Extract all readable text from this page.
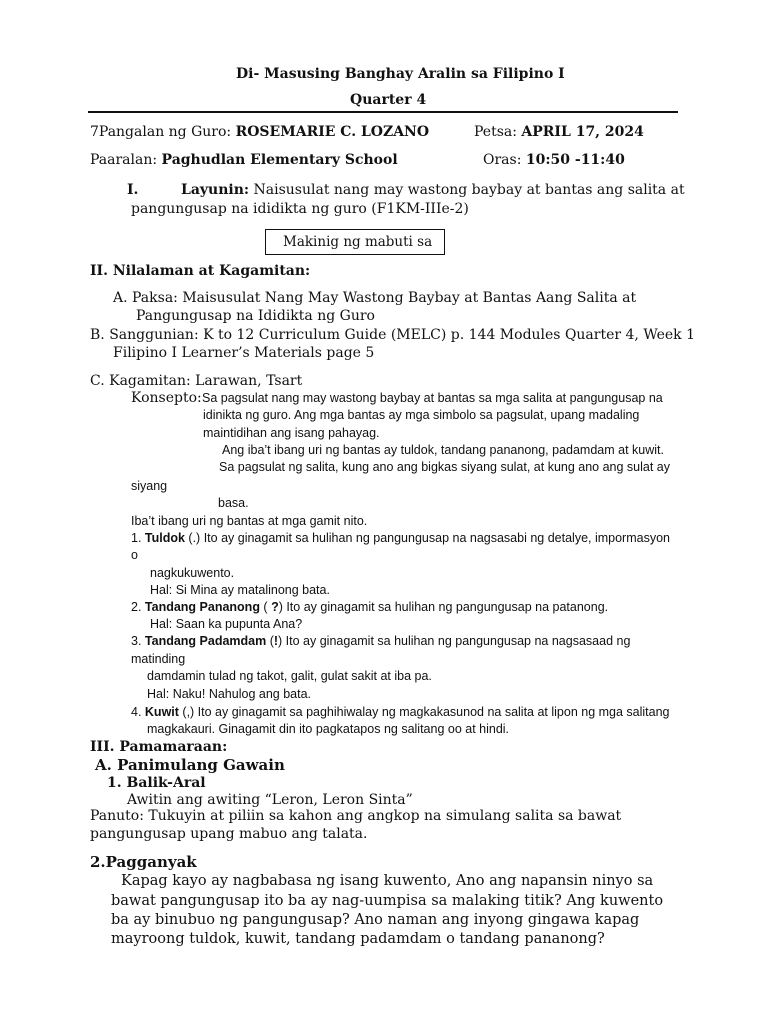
Di- Masusing Banghay Aralin sa Filipino I
Quarter 4
7Pangalan ng Guro: ROSEMARIE C. LOZANO	Petsa: APRIL 17, 2024
Paaralan: Paghudlan Elementary School	Oras: 10:50 -11:40
I.	Layunin: Naisusulat nang may wastong baybay at bantas ang salita at
pangungusap na ididikta ng guro (F1KM-IIIe-2)
Makinig ng mabuti sa
II. Nilalaman at Kagamitan:
A. Paksa: Maisusulat Nang May Wastong Baybay at Bantas Aang Salita at
Pangungusap na Ididikta ng Guro
B. Sanggunian: K to 12 Curriculum Guide (MELC) p. 144 Modules Quarter 4, Week 1
Filipino I Learner’s Materials page 5
C. Kagamitan: Larawan, Tsart
Konsepto: Sa pagsulat nang may wastong baybay at bantas sa mga salita at pangungusap na
idinikta ng guro. Ang mga bantas ay mga simbolo sa pagsulat, upang madaling
maintidihan ang isang pahayag.
Ang iba’t ibang uri ng bantas ay tuldok, tandang pananong, padamdam at kuwit.
Sa pagsulat ng salita, kung ano ang bigkas siyang sulat, at kung ano ang sulat ay
siyang
basa.
Iba’t ibang uri ng bantas at mga gamit nito.
1. Tuldok (.) Ito ay ginagamit sa hulihan ng pangungusap na nagsasabi ng detalye, impormasyon
o
nagkukuwento.
Hal: Si Mina ay matalinong bata.
2. Tandang Pananong ( ?) Ito ay ginagamit sa hulihan ng pangungusap na patanong.
Hal: Saan ka pupunta Ana?
3. Tandang Padamdam (!) Ito ay ginagamit sa hulihan ng pangungusap na nagsasaad ng
matinding
damdamin tulad ng takot, galit, gulat sakit at iba pa.
Hal: Naku! Nahulog ang bata.
4. Kuwit (,) Ito ay ginagamit sa paghihiwalay ng magkakasunod na salita at lipon ng mga salitang
magkakauri. Ginagamit din ito pagkatapos ng salitang oo at hindi.
III. Pamamaraan:
A. Panimulang Gawain
1. Balik-Aral
Awitin ang awiting “Leron, Leron Sinta”
Panuto: Tukuyin at piliin sa kahon ang angkop na simulang salita sa bawat
pangungusap upang mabuo ang talata.
2.Pagganyak
Kapag kayo ay nagbabasa ng isang kuwento, Ano ang napansin ninyo sa
bawat pangungusap ito ba ay nag-uumpisa sa malaking titik? Ang kuwento
ba ay binubuo ng pangungusap? Ano naman ang inyong gingawa kapag
mayroong tuldok, kuwit, tandang padamdam o tandang pananong?
